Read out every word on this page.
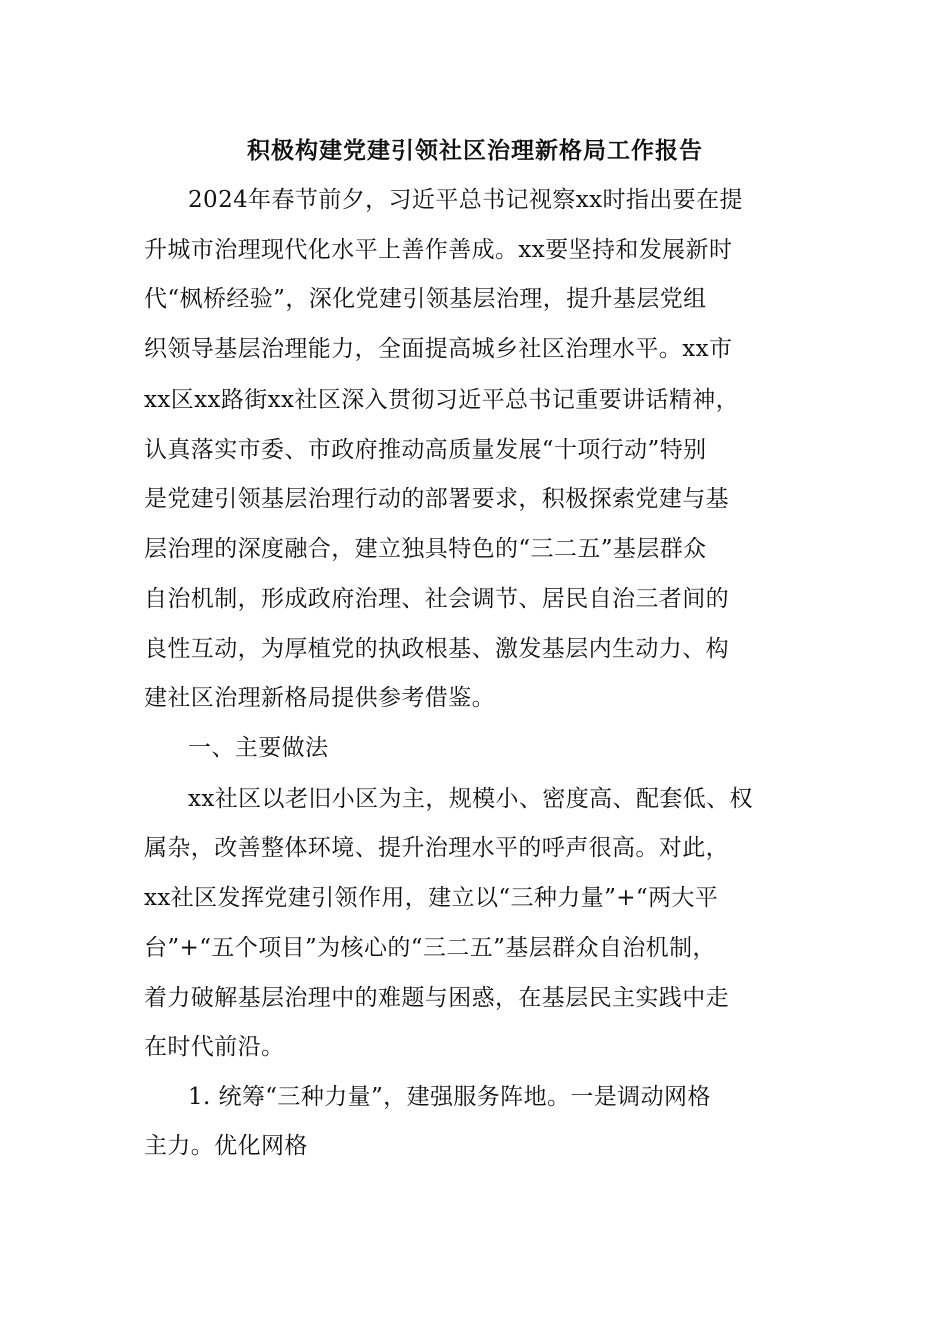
积极构建党建引领社区治理新格局工作报告
2024年春节前夕，习近平总书记视察xx时指出要在提
升城市治理现代化水平上善作善成。xx要坚持和发展新时
代“枫桥经验”，深化党建引领基层治理，提升基层党组
织领导基层治理能力，全面提高城乡社区治理水平。xx市
xx区xx路街xx社区深入贯彻习近平总书记重要讲话精神，
认真落实市委、市政府推动高质量发展“十项行动”特别
是党建引领基层治理行动的部署要求，积极探索党建与基
层治理的深度融合，建立独具特色的“三二五”基层群众
自治机制，形成政府治理、社会调节、居民自治三者间的
良性互动，为厚植党的执政根基、激发基层内生动力、构
建社区治理新格局提供参考借鉴。
一、主要做法
xx社区以老旧小区为主，规模小、密度高、配套低、权
属杂，改善整体环境、提升治理水平的呼声很高。对此，
xx社区发挥党建引领作用，建立以“三种力量”+“两大平
台”+“五个项目”为核心的“三二五”基层群众自治机制，
着力破解基层治理中的难题与困惑，在基层民主实践中走
在时代前沿。
1. 统筹“三种力量”，建强服务阵地。一是调动网格
主力。优化网格
